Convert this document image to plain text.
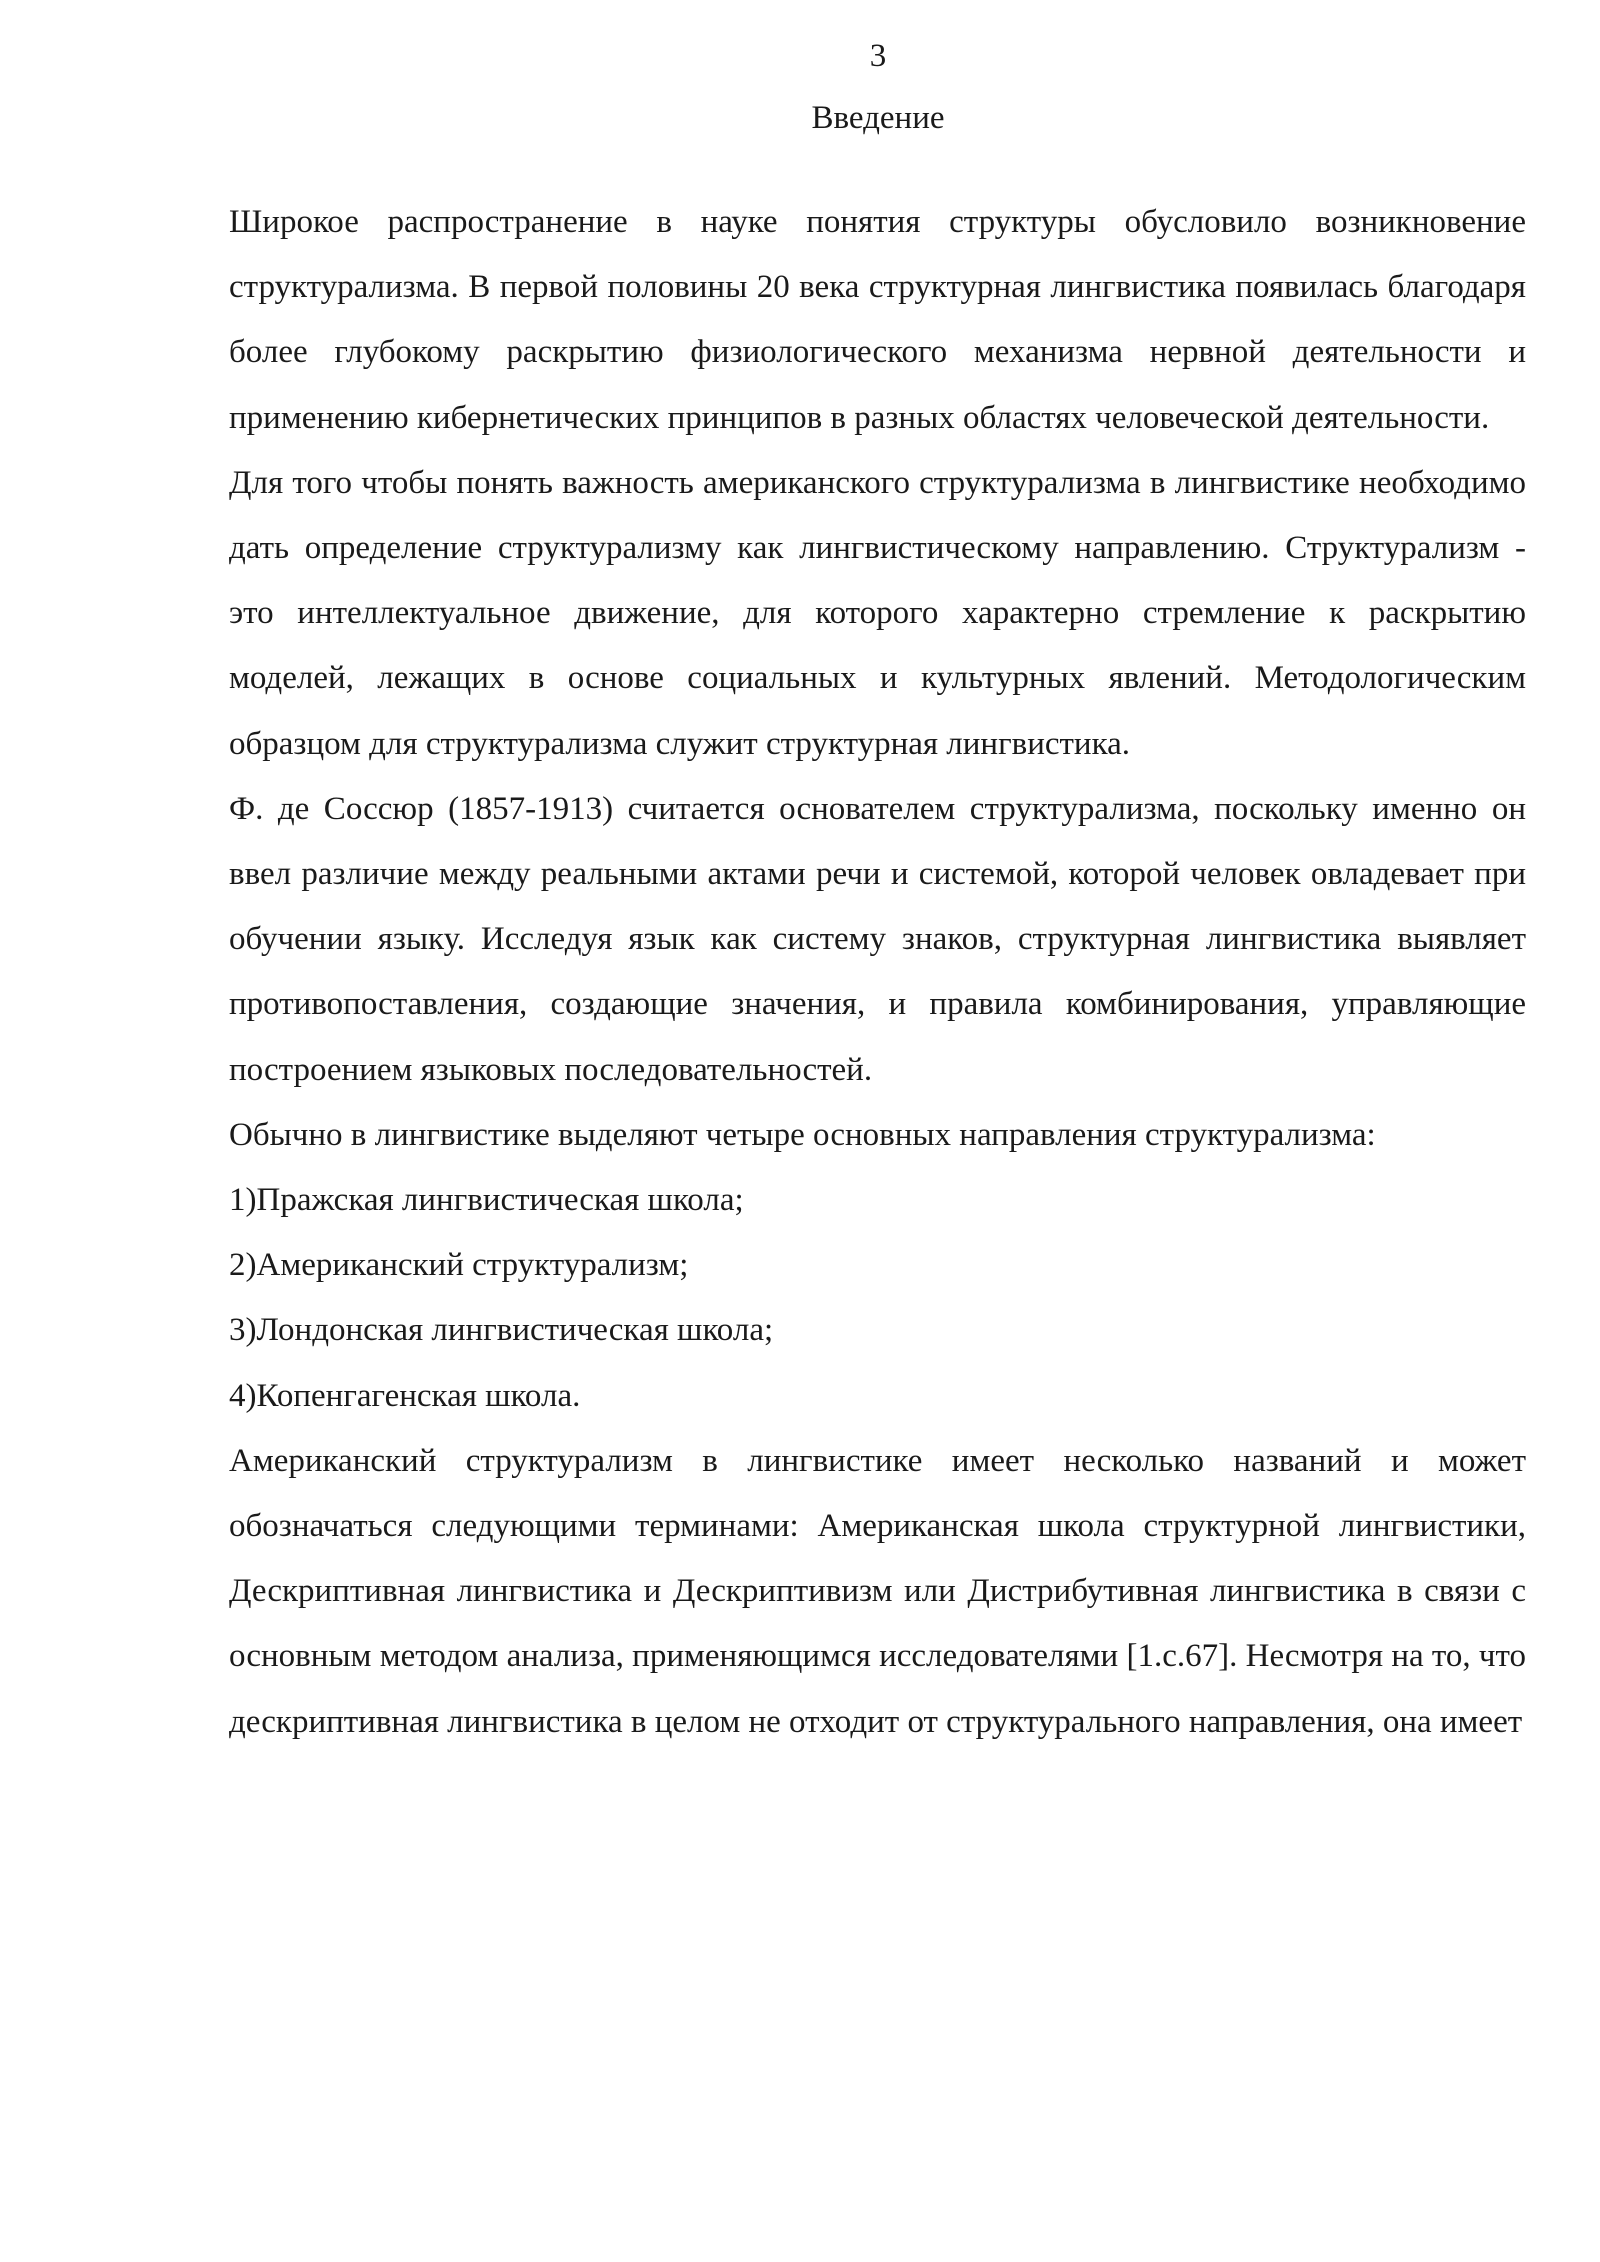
3
Введение

Широкое распространение в науке понятия структуры обусловило возникновение структурализма. В первой половины 20 века структурная лингвистика появилась благодаря более глубокому раскрытию физиологического механизма нервной деятельности и применению кибернетических принципов в разных областях человеческой деятельности.

Для того чтобы понять важность американского структурализма в лингвистике необходимо дать определение структурализму как лингвистическому направлению. Структурализм - это интеллектуальное движение, для которого характерно стремление к раскрытию моделей, лежащих в основе социальных и культурных явлений. Методологическим образцом для структурализма служит структурная лингвистика.

Ф. де Соссюр (1857-1913) считается основателем структурализма, поскольку именно он ввел различие между реальными актами речи и системой, которой человек овладевает при обучении языку. Исследуя язык как систему знаков, структурная лингвистика выявляет противопоставления, создающие значения, и правила комбинирования, управляющие построением языковых последовательностей.

Обычно в лингвистике выделяют четыре основных направления структурализма:

1)Пражская лингвистическая школа;

2)Американский структурализм;

3)Лондонская лингвистическая школа;

4)Копенгагенская школа.

Американский структурализм в лингвистике имеет несколько названий и может обозначаться следующими терминами: Американская школа структурной лингвистики, Дескриптивная лингвистика и Дескриптивизм или Дистрибутивная лингвистика в связи с основным методом анализа, применяющимся исследователями [1.с.67]. Несмотря на то, что дескриптивная лингвистика в целом не отходит от структурального направления, она имеет
